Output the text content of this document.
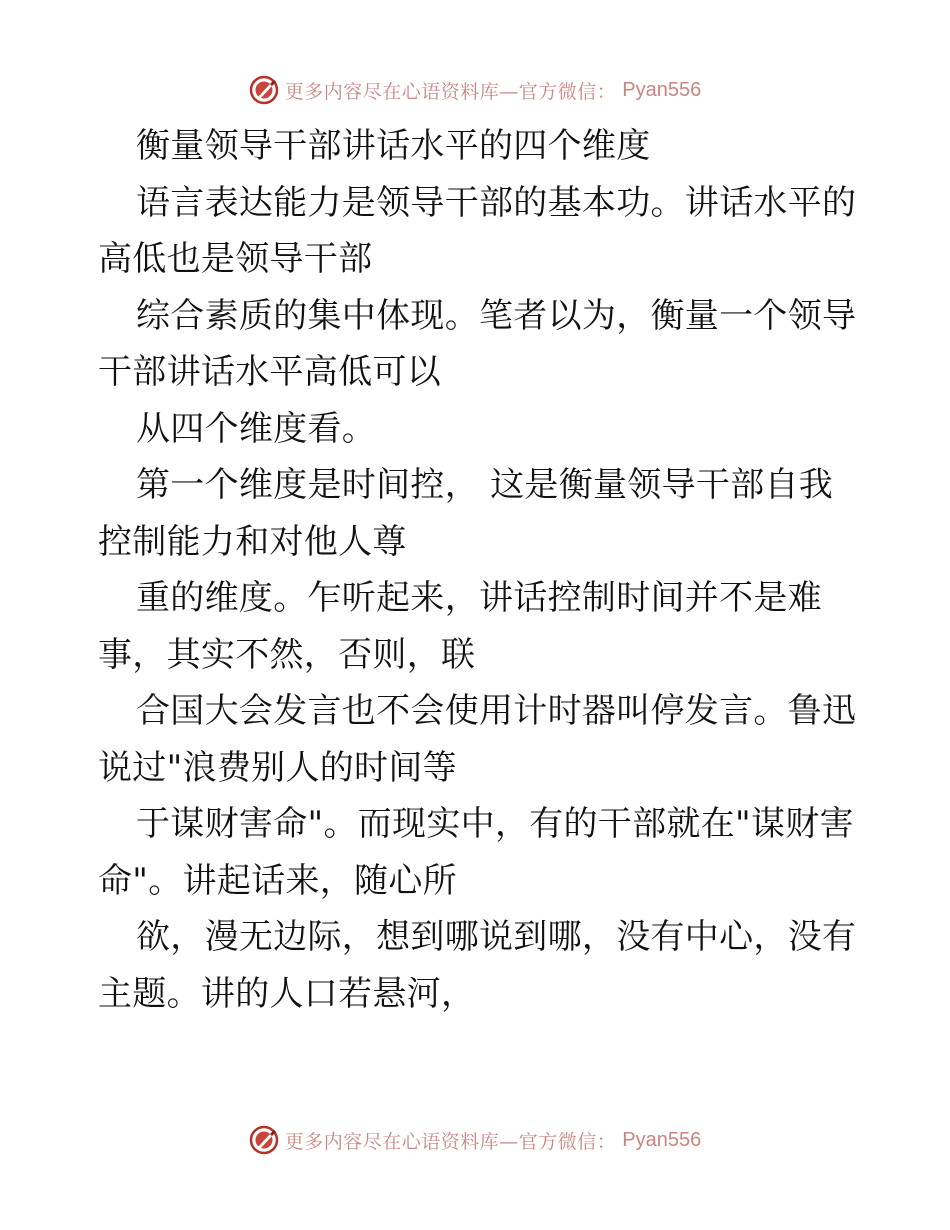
更多内容尽在心语资料库—官方微信： Pyan556
衡量领导干部讲话水平的四个维度
语言表达能力是领导干部的基本功。讲话水平的
高低也是领导干部
综合素质的集中体现。笔者以为，衡量一个领导
干部讲话水平高低可以
从四个维度看。
第一个维度是时间控， 这是衡量领导干部自我
控制能力和对他人尊
重的维度。乍听起来，讲话控制时间并不是难
事，其实不然，否则，联
合国大会发言也不会使用计时器叫停发言。鲁迅
说过"浪费别人的时间等
于谋财害命"。而现实中，有的干部就在"谋财害
命"。讲起话来，随心所
欲，漫无边际，想到哪说到哪，没有中心，没有
主题。讲的人口若悬河，
更多内容尽在心语资料库—官方微信： Pyan556
